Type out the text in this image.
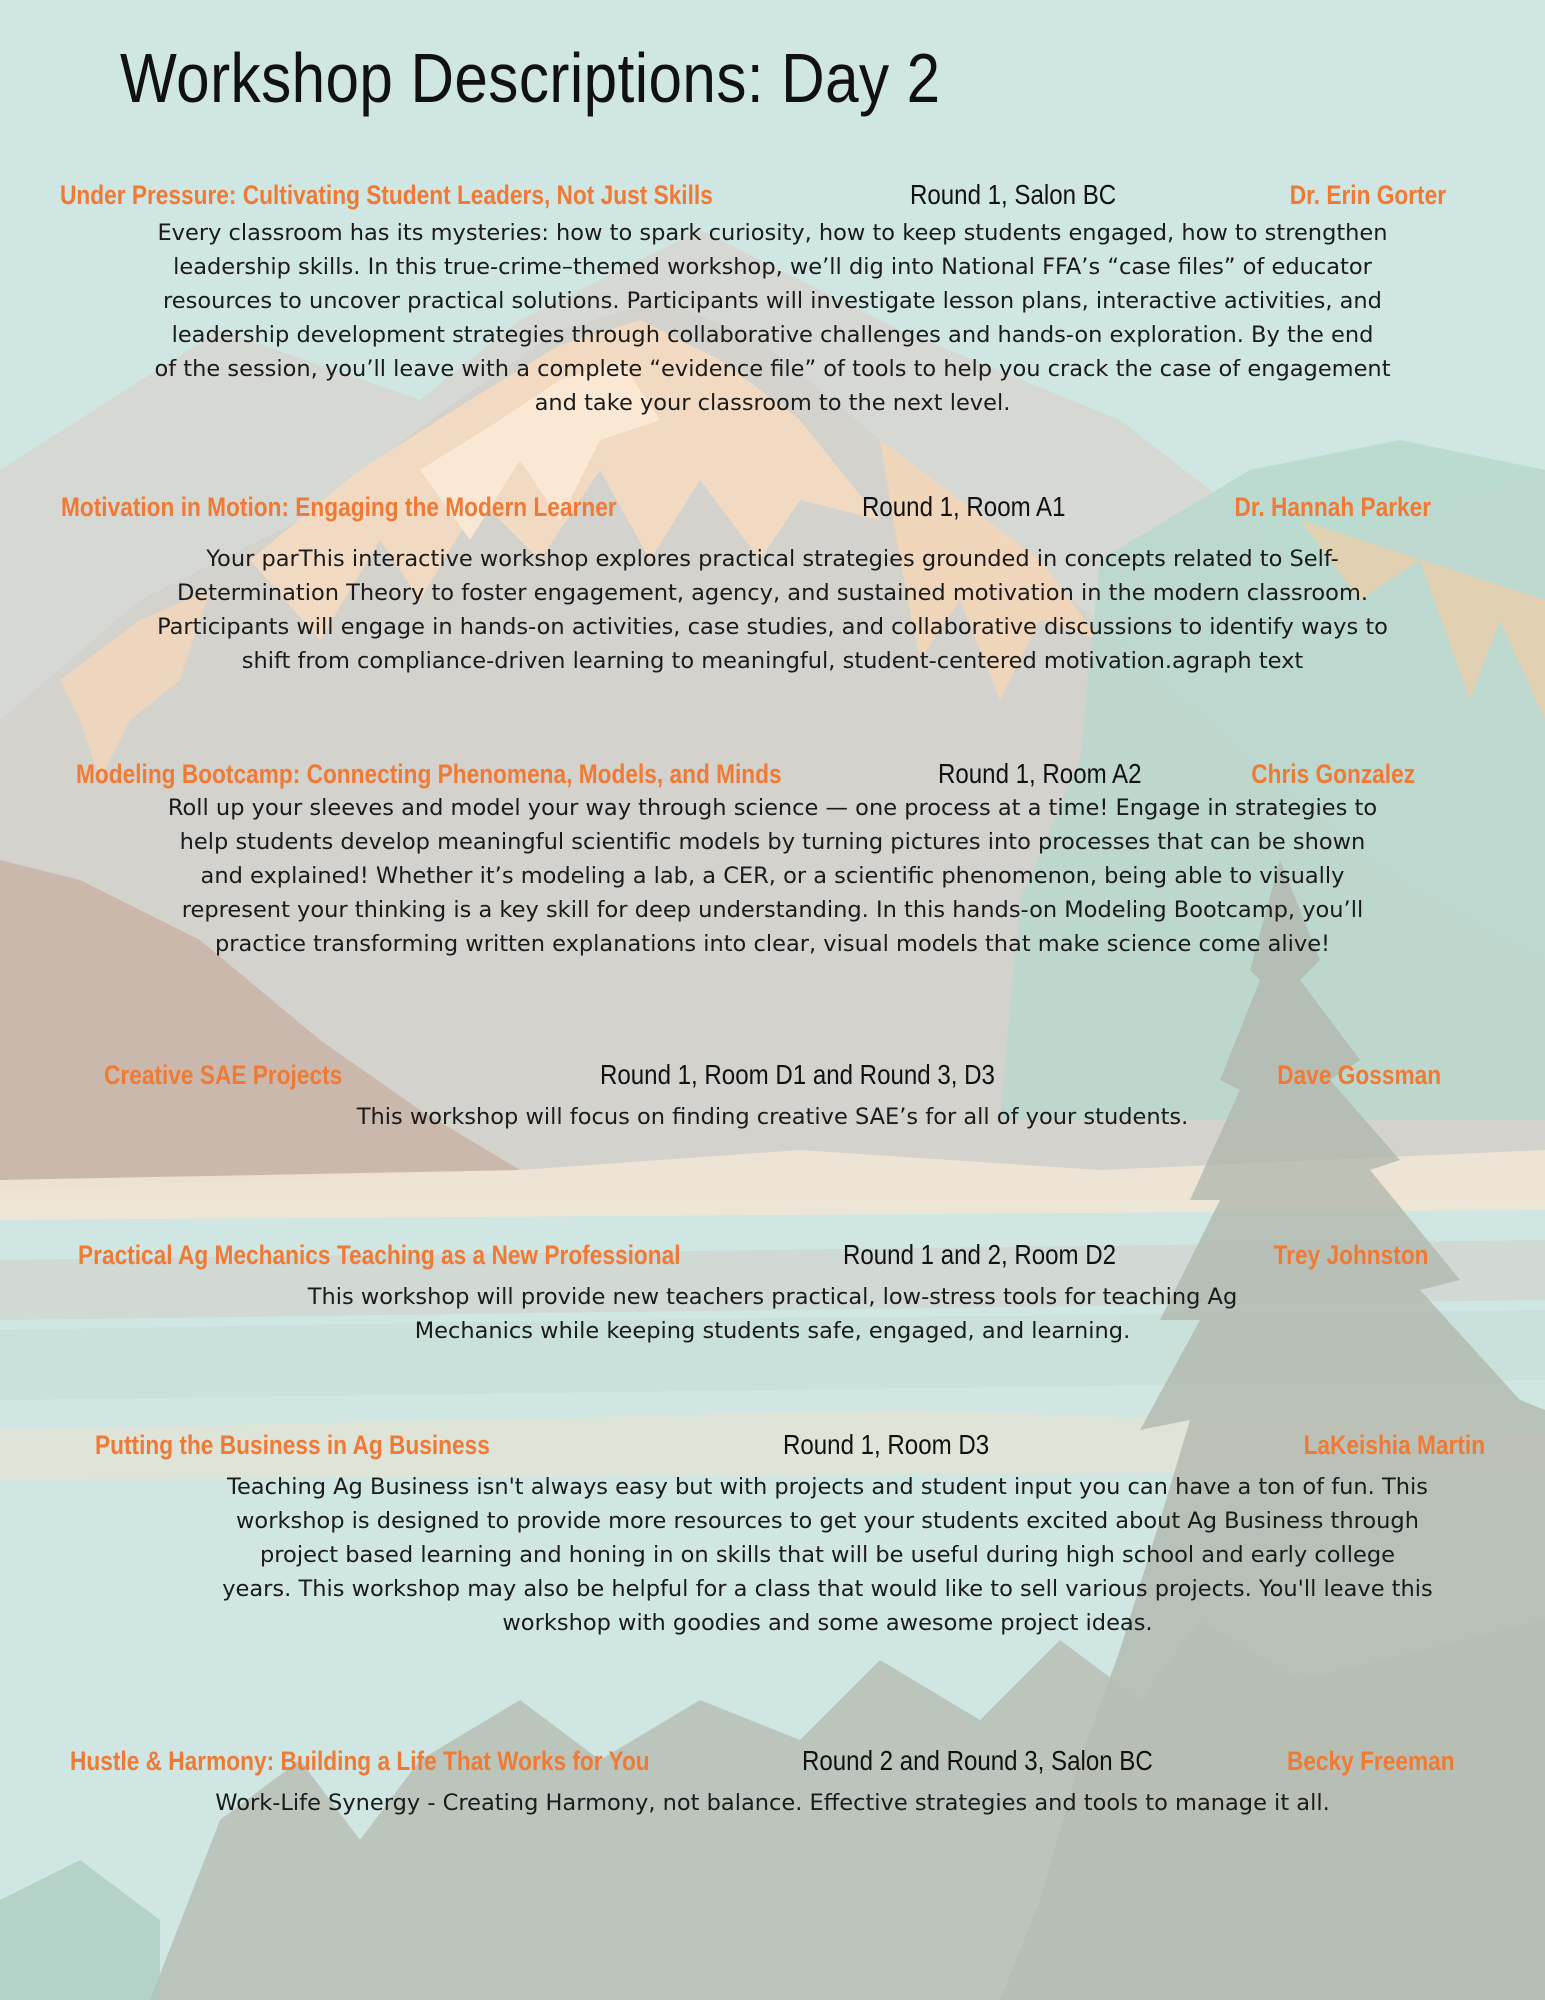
Workshop Descriptions: Day 2
Under Pressure: Cultivating Student Leaders, Not Just Skills	Round 1, Salon BC	Dr. Erin Gorter

Every classroom has its mysteries: how to spark curiosity, how to keep students engaged, how to strengthen
leadership skills. In this true-crime–themed workshop, we’ll dig into National FFA’s “case files” of educator
resources to uncover practical solutions. Participants will investigate lesson plans, interactive activities, and
leadership development strategies through collaborative challenges and hands-on exploration. By the end
of the session, you’ll leave with a complete “evidence file” of tools to help you crack the case of engagement
and take your classroom to the next level.

Motivation in Motion: Engaging the Modern Learner	Round 1, Room A1	Dr. Hannah Parker

Your parThis interactive workshop explores practical strategies grounded in concepts related to Self-
Determination Theory to foster engagement, agency, and sustained motivation in the modern classroom.
Participants will engage in hands-on activities, case studies, and collaborative discussions to identify ways to
shift from compliance-driven learning to meaningful, student-centered motivation.agraph text

Modeling Bootcamp: Connecting Phenomena, Models, and Minds	Round 1, Room A2	Chris Gonzalez

Roll up your sleeves and model your way through science — one process at a time! Engage in strategies to
help students develop meaningful scientific models by turning pictures into processes that can be shown
and explained! Whether it’s modeling a lab, a CER, or a scientific phenomenon, being able to visually
represent your thinking is a key skill for deep understanding. In this hands-on Modeling Bootcamp, you’ll
practice transforming written explanations into clear, visual models that make science come alive!

Creative SAE Projects	Round 1, Room D1 and Round 3, D3	Dave Gossman

This workshop will focus on finding creative SAE’s for all of your students.

Practical Ag Mechanics Teaching as a New Professional	Round 1 and 2, Room D2	Trey Johnston

This workshop will provide new teachers practical, low-stress tools for teaching Ag
Mechanics while keeping students safe, engaged, and learning.

Putting the Business in Ag Business	Round 1, Room D3	LaKeishia Martin

Teaching Ag Business isn't always easy but with projects and student input you can have a ton of fun. This
workshop is designed to provide more resources to get your students excited about Ag Business through
project based learning and honing in on skills that will be useful during high school and early college
years. This workshop may also be helpful for a class that would like to sell various projects. You'll leave this
workshop with goodies and some awesome project ideas.

Hustle & Harmony: Building a Life That Works for You	Round 2 and Round 3, Salon BC	Becky Freeman

Work-Life Synergy - Creating Harmony, not balance. Effective strategies and tools to manage it all.
